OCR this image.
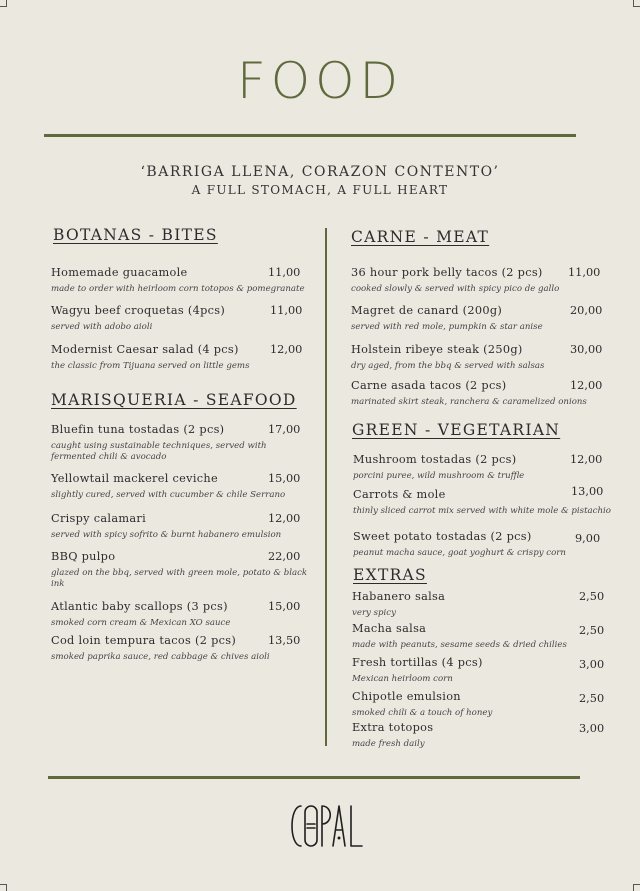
FOOD
‘BARRIGA LLENA, CORAZON CONTENTO’
A FULL STOMACH, A FULL HEART
BOTANAS - BITES
Homemade guacamole
made to order with heirloom corn totopos & pomegranate
11,00
Wagyu beef croquetas (4pcs)
served with adobo aioli
11,00
Modernist Caesar salad (4 pcs)
the classic from Tijuana served on little gems
12,00
MARISQUERIA - SEAFOOD
Bluefin tuna tostadas (2 pcs)
caught using sustainable techniques, served with fermented chili & avocado
17,00
Yellowtail mackerel ceviche
slightly cured, served with cucumber & chile Serrano
15,00
Crispy calamari
served with spicy sofrito & burnt habanero emulsion
12,00
BBQ pulpo
glazed on the bbq, served with green mole, potato & black ink
22,00
Atlantic baby scallops (3 pcs)
smoked corn cream & Mexican XO sauce
15,00
Cod loin tempura tacos (2 pcs)
smoked paprika sauce, red cabbage & chives aioli
13,50
CARNE - MEAT
36 hour pork belly tacos (2 pcs)
cooked slowly & served with spicy pico de gallo
11,00
Magret de canard (200g)
served with red mole, pumpkin & star anise
20,00
Holstein ribeye steak (250g)
dry aged, from the bbq & served with salsas
30,00
Carne asada tacos (2 pcs)
marinated skirt steak, ranchera & caramelized onions
12,00
GREEN - VEGETARIAN
Mushroom tostadas (2 pcs)
porcini puree, wild mushroom & truffle
12,00
Carrots & mole
thinly sliced carrot mix served with white mole & pistachio
13,00
Sweet potato tostadas (2 pcs)
peanut macha sauce, goat yoghurt & crispy corn
9,00
EXTRAS
Habanero salsa
very spicy
2,50
Macha salsa
made with peanuts, sesame seeds & dried chilies
2,50
Fresh tortillas (4 pcs)
Mexican heirloom corn
3,00
Chipotle emulsion
smoked chili & a touch of honey
2,50
Extra totopos
made fresh daily
3,00
